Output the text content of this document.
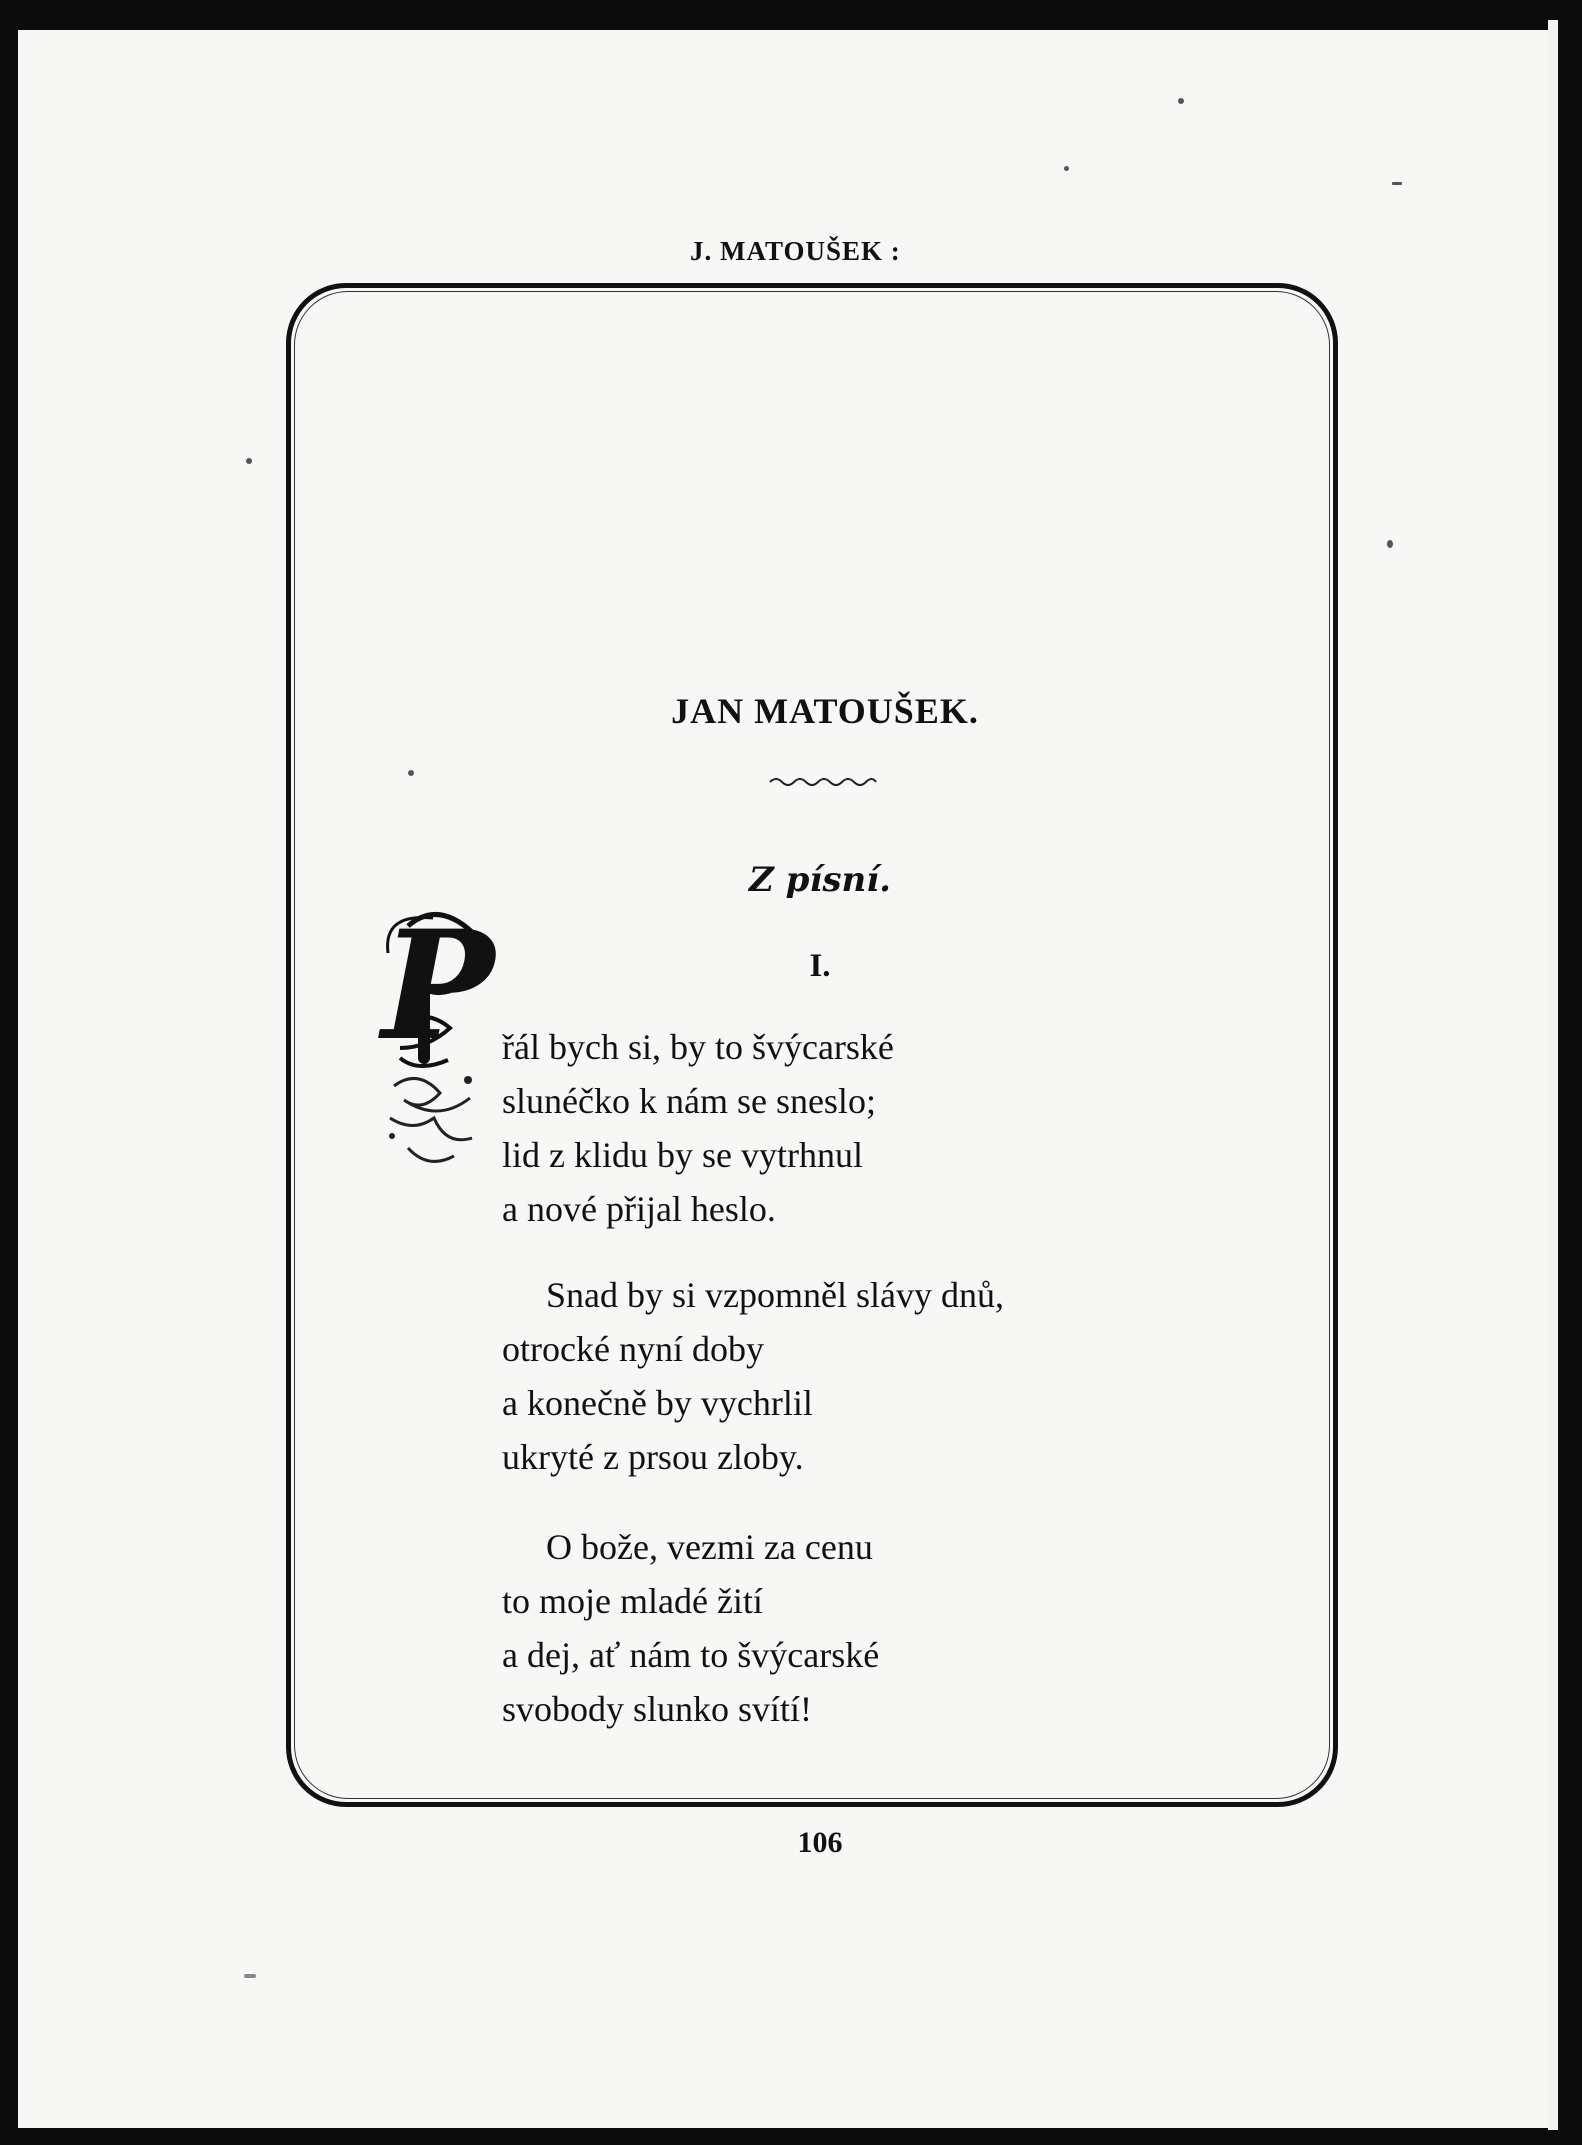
J. MATOUŠEK :
JAN MATOUŠEK.
Z písní.
I.
P řál bych si, by to švýcarské
slunéčko k nám se sneslo;
lid z klidu by se vytrhnul
a nové přijal heslo.
Snad by si vzpomněl slávy dnů,
otrocké nyní doby
a konečně by vychrlil
ukryté z prsou zloby.
O bože, vezmi za cenu
to moje mladé žití
a dej, ať nám to švýcarské
svobody slunko svítí!
106
